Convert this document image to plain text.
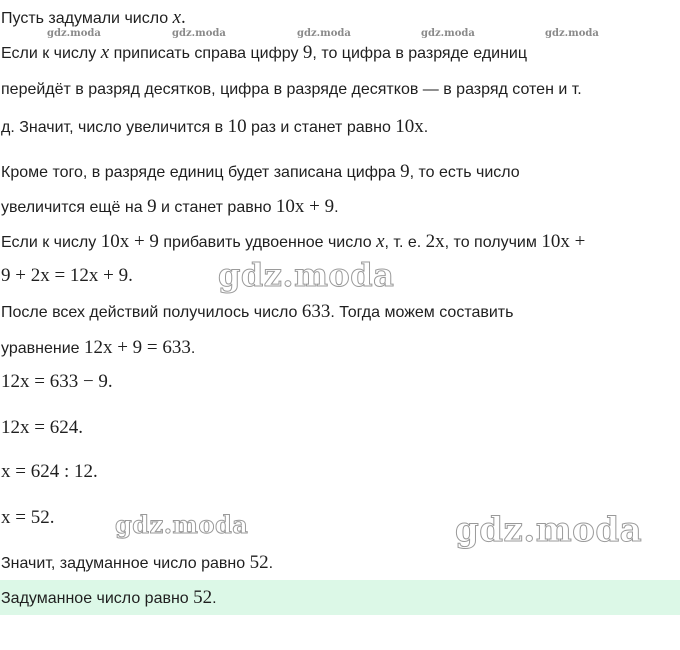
gdz.moda	gdz.moda	gdz.moda	gdz.moda	gdz.moda

Пусть задумали число x.

Если к числу x приписать справа цифру 9, то цифра в разряде единиц

перейдёт в разряд десятков, цифра в разряде десятков — в разряд сотен и т.

д. Значит, число увеличится в 10 раз и станет равно 10x.

Кроме того, в разряде единиц будет записана цифра 9, то есть число

увеличится ещё на 9 и станет равно 10x + 9.

Если к числу 10x + 9 прибавить удвоенное число x, т. е. 2x, то получим 10x +

9 + 2x = 12x + 9.

После всех действий получилось число 633. Тогда можем составить

уравнение 12x + 9 = 633.

12x = 633 − 9.

12x = 624.

x = 624 : 12.

x = 52.

Значит, задуманное число равно 52.

Задуманное число равно 52.

gdz.moda
gdz.moda	gdz.moda
